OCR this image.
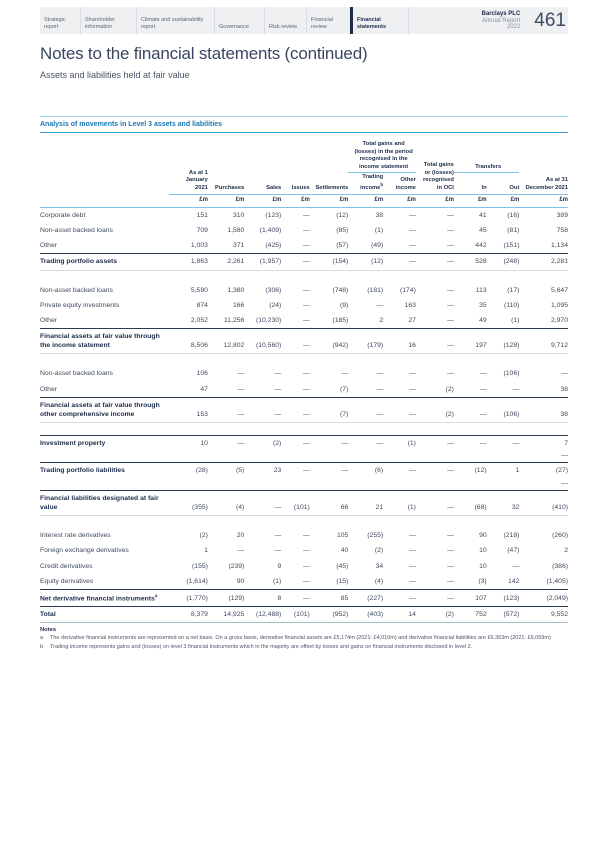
Strategic report
Shareholder information
Climate and sustainability report	Governance	Risk review
Financial review
Financial statements
Barclays PLC
Annual Report 2022 461
Notes to the financial statements (continued)
Assets and liabilities held at fair value
Analysis of movements in Level 3 assets and liabilities
	As at 1 January 2021	Purchases	Sales	Issues	Settlements	Total gains and (losses) in the period recognised in the income statement		Total gains or (losses) recognised in OCI	Transfers		As at 31 December 2021
						Trading income$^b$	Other income		In	Out	
	£m	£m	£m	£m	£m	£m	£m	£m	£m	£m	£m
Corporate debt	151	310	(123)	—	(12)	38	—	—	41	(16)	389
Non-asset backed loans	709	1,580	(1,409)	—	(85)	(1)	—	—	45	(81)	758
Other	1,003	371	(425)	—	(57)	(49)	—	—	442	(151)	1,134
Trading portfolio assets	1,863	2,261	(1,957)	—	(154)	(12)	—	—	528	(248)	2,281

Non-asset backed loans	5,580	1,380	(306)	—	(748)	(181)	(174)	—	113	(17)	5,647
Private equity investments	874	166	(24)	—	(9)	—	163	—	35	(110)	1,095
Other	2,052	11,256	(10,230)	—	(185)	2	27	—	49	(1)	2,970
Financial assets at fair value through the income statement	8,506	12,802	(10,560)	—	(942)	(179)	16	—	197	(128)	9,712

Non-asset backed loans	106	—	—	—	—	—	—	—	—	(106)	—
Other	47	—	—	—	(7)	—	—	(2)	—	—	38
Financial assets at fair value through other comprehensive income	153	—	—	—	(7)	—	—	(2)	—	(106)	38

Investment property	10	—	(2)	—	—	—	(1)	—	—	—	7
											—
Trading portfolio liabilities	(28)	(5)	23	—	—	(6)	—	—	(12)	1	(27)
											—
Financial liabilities designated at fair value	(355)	(4)	—	(101)	66	21	(1)	—	(68)	32	(410)

Interest rate derivatives	(2)	20	—	—	105	(255)	—	—	90	(218)	(260)
Foreign exchange derivatives	1	—	—	—	40	(2)	—	—	10	(47)	2
Credit derivatives	(155)	(239)	9	—	(45)	34	—	—	10	—	(386)
Equity derivatives	(1,614)	90	(1)	—	(15)	(4)	—	—	(3)	142	(1,405)
Net derivative financial instruments$^a$	(1,770)	(129)	8	—	85	(227)	—	—	107	(123)	(2,049)
Total	8,379	14,925	(12,488)	(101)	(952)	(403)	14	(2)	752	(572)	9,552
Notes
a	The derivative financial instruments are represented on a net basis. On a gross basis, derivative financial assets are £5,174m (2021: £4,010m) and derivative financial liabilities are £6,363m (2021: £6,059m)
b	Trading income represents gains and (losses) on level 3 financial instruments which in the majority are offset by losses and gains on financial instruments disclosed in level 2.
